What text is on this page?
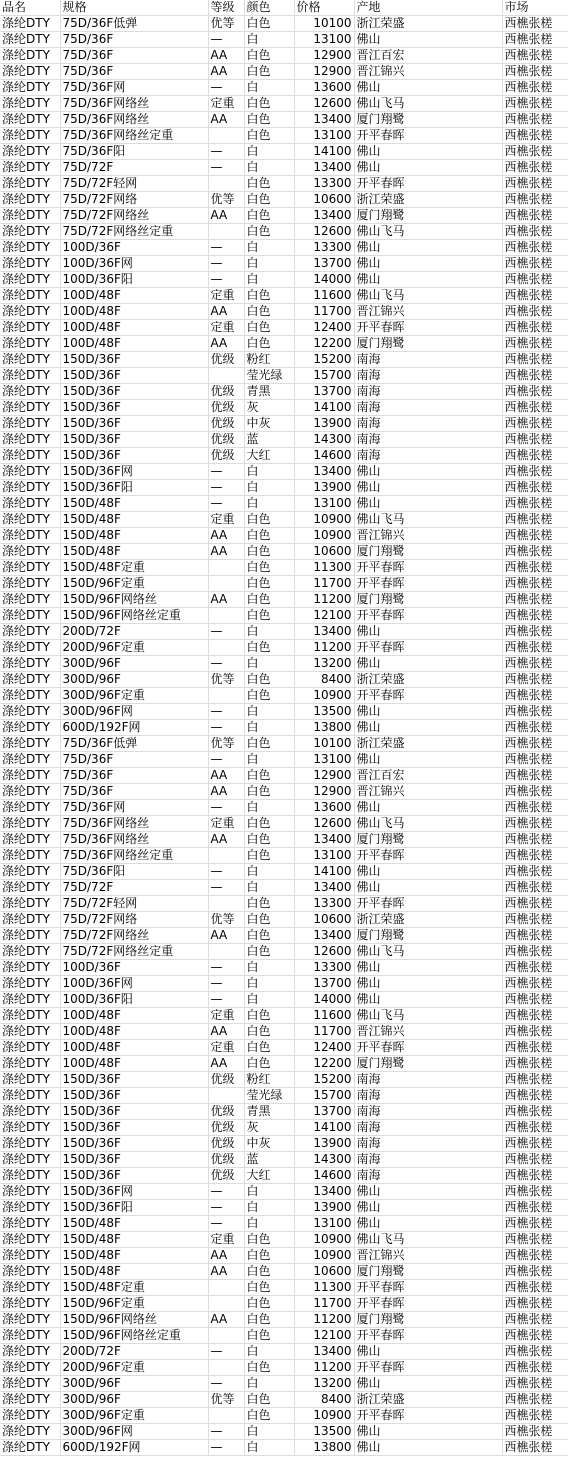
品名	规格	等级	颜色	价格	产地	市场
涤纶DTY	75D/36F低弹	优等	白色	10100	浙江荣盛	西樵张槎
涤纶DTY	75D/36F	—	白	13100	佛山	西樵张槎
涤纶DTY	75D/36F	AA	白色	12900	晋江百宏	西樵张槎
涤纶DTY	75D/36F	AA	白色	12900	晋江锦兴	西樵张槎
涤纶DTY	75D/36F网	—	白	13600	佛山	西樵张槎
涤纶DTY	75D/36F网络丝	定重	白色	12600	佛山飞马	西樵张槎
涤纶DTY	75D/36F网络丝	AA	白色	13400	厦门翔鹭	西樵张槎
涤纶DTY	75D/36F网络丝定重		白色	13100	开平春晖	西樵张槎
涤纶DTY	75D/36F阳	—	白	14100	佛山	西樵张槎
涤纶DTY	75D/72F	—	白	13400	佛山	西樵张槎
涤纶DTY	75D/72F轻网		白色	13300	开平春晖	西樵张槎
涤纶DTY	75D/72F网络	优等	白色	10600	浙江荣盛	西樵张槎
涤纶DTY	75D/72F网络丝	AA	白色	13400	厦门翔鹭	西樵张槎
涤纶DTY	75D/72F网络丝定重		白色	12600	佛山飞马	西樵张槎
涤纶DTY	100D/36F	—	白	13300	佛山	西樵张槎
涤纶DTY	100D/36F网	—	白	13700	佛山	西樵张槎
涤纶DTY	100D/36F阳	—	白	14000	佛山	西樵张槎
涤纶DTY	100D/48F	定重	白色	11600	佛山飞马	西樵张槎
涤纶DTY	100D/48F	AA	白色	11700	晋江锦兴	西樵张槎
涤纶DTY	100D/48F	定重	白色	12400	开平春晖	西樵张槎
涤纶DTY	100D/48F	AA	白色	12200	厦门翔鹭	西樵张槎
涤纶DTY	150D/36F	优级	粉红	15200	南海	西樵张槎
涤纶DTY	150D/36F		莹光绿	15700	南海	西樵张槎
涤纶DTY	150D/36F	优级	青黑	13700	南海	西樵张槎
涤纶DTY	150D/36F	优级	灰	14100	南海	西樵张槎
涤纶DTY	150D/36F	优级	中灰	13900	南海	西樵张槎
涤纶DTY	150D/36F	优级	蓝	14300	南海	西樵张槎
涤纶DTY	150D/36F	优级	大红	14600	南海	西樵张槎
涤纶DTY	150D/36F网	—	白	13400	佛山	西樵张槎
涤纶DTY	150D/36F阳	—	白	13900	佛山	西樵张槎
涤纶DTY	150D/48F	—	白	13100	佛山	西樵张槎
涤纶DTY	150D/48F	定重	白色	10900	佛山飞马	西樵张槎
涤纶DTY	150D/48F	AA	白色	10900	晋江锦兴	西樵张槎
涤纶DTY	150D/48F	AA	白色	10600	厦门翔鹭	西樵张槎
涤纶DTY	150D/48F定重		白色	11300	开平春晖	西樵张槎
涤纶DTY	150D/96F定重		白色	11700	开平春晖	西樵张槎
涤纶DTY	150D/96F网络丝	AA	白色	11200	厦门翔鹭	西樵张槎
涤纶DTY	150D/96F网络丝定重		白色	12100	开平春晖	西樵张槎
涤纶DTY	200D/72F	—	白	13400	佛山	西樵张槎
涤纶DTY	200D/96F定重		白色	11200	开平春晖	西樵张槎
涤纶DTY	300D/96F	—	白	13200	佛山	西樵张槎
涤纶DTY	300D/96F	优等	白色	8400	浙江荣盛	西樵张槎
涤纶DTY	300D/96F定重		白色	10900	开平春晖	西樵张槎
涤纶DTY	300D/96F网	—	白	13500	佛山	西樵张槎
涤纶DTY	600D/192F网	—	白	13800	佛山	西樵张槎
涤纶DTY	75D/36F低弹	优等	白色	10100	浙江荣盛	西樵张槎
涤纶DTY	75D/36F	—	白	13100	佛山	西樵张槎
涤纶DTY	75D/36F	AA	白色	12900	晋江百宏	西樵张槎
涤纶DTY	75D/36F	AA	白色	12900	晋江锦兴	西樵张槎
涤纶DTY	75D/36F网	—	白	13600	佛山	西樵张槎
涤纶DTY	75D/36F网络丝	定重	白色	12600	佛山飞马	西樵张槎
涤纶DTY	75D/36F网络丝	AA	白色	13400	厦门翔鹭	西樵张槎
涤纶DTY	75D/36F网络丝定重		白色	13100	开平春晖	西樵张槎
涤纶DTY	75D/36F阳	—	白	14100	佛山	西樵张槎
涤纶DTY	75D/72F	—	白	13400	佛山	西樵张槎
涤纶DTY	75D/72F轻网		白色	13300	开平春晖	西樵张槎
涤纶DTY	75D/72F网络	优等	白色	10600	浙江荣盛	西樵张槎
涤纶DTY	75D/72F网络丝	AA	白色	13400	厦门翔鹭	西樵张槎
涤纶DTY	75D/72F网络丝定重		白色	12600	佛山飞马	西樵张槎
涤纶DTY	100D/36F	—	白	13300	佛山	西樵张槎
涤纶DTY	100D/36F网	—	白	13700	佛山	西樵张槎
涤纶DTY	100D/36F阳	—	白	14000	佛山	西樵张槎
涤纶DTY	100D/48F	定重	白色	11600	佛山飞马	西樵张槎
涤纶DTY	100D/48F	AA	白色	11700	晋江锦兴	西樵张槎
涤纶DTY	100D/48F	定重	白色	12400	开平春晖	西樵张槎
涤纶DTY	100D/48F	AA	白色	12200	厦门翔鹭	西樵张槎
涤纶DTY	150D/36F	优级	粉红	15200	南海	西樵张槎
涤纶DTY	150D/36F		莹光绿	15700	南海	西樵张槎
涤纶DTY	150D/36F	优级	青黑	13700	南海	西樵张槎
涤纶DTY	150D/36F	优级	灰	14100	南海	西樵张槎
涤纶DTY	150D/36F	优级	中灰	13900	南海	西樵张槎
涤纶DTY	150D/36F	优级	蓝	14300	南海	西樵张槎
涤纶DTY	150D/36F	优级	大红	14600	南海	西樵张槎
涤纶DTY	150D/36F网	—	白	13400	佛山	西樵张槎
涤纶DTY	150D/36F阳	—	白	13900	佛山	西樵张槎
涤纶DTY	150D/48F	—	白	13100	佛山	西樵张槎
涤纶DTY	150D/48F	定重	白色	10900	佛山飞马	西樵张槎
涤纶DTY	150D/48F	AA	白色	10900	晋江锦兴	西樵张槎
涤纶DTY	150D/48F	AA	白色	10600	厦门翔鹭	西樵张槎
涤纶DTY	150D/48F定重		白色	11300	开平春晖	西樵张槎
涤纶DTY	150D/96F定重		白色	11700	开平春晖	西樵张槎
涤纶DTY	150D/96F网络丝	AA	白色	11200	厦门翔鹭	西樵张槎
涤纶DTY	150D/96F网络丝定重		白色	12100	开平春晖	西樵张槎
涤纶DTY	200D/72F	—	白	13400	佛山	西樵张槎
涤纶DTY	200D/96F定重		白色	11200	开平春晖	西樵张槎
涤纶DTY	300D/96F	—	白	13200	佛山	西樵张槎
涤纶DTY	300D/96F	优等	白色	8400	浙江荣盛	西樵张槎
涤纶DTY	300D/96F定重		白色	10900	开平春晖	西樵张槎
涤纶DTY	300D/96F网	—	白	13500	佛山	西樵张槎
涤纶DTY	600D/192F网	—	白	13800	佛山	西樵张槎
